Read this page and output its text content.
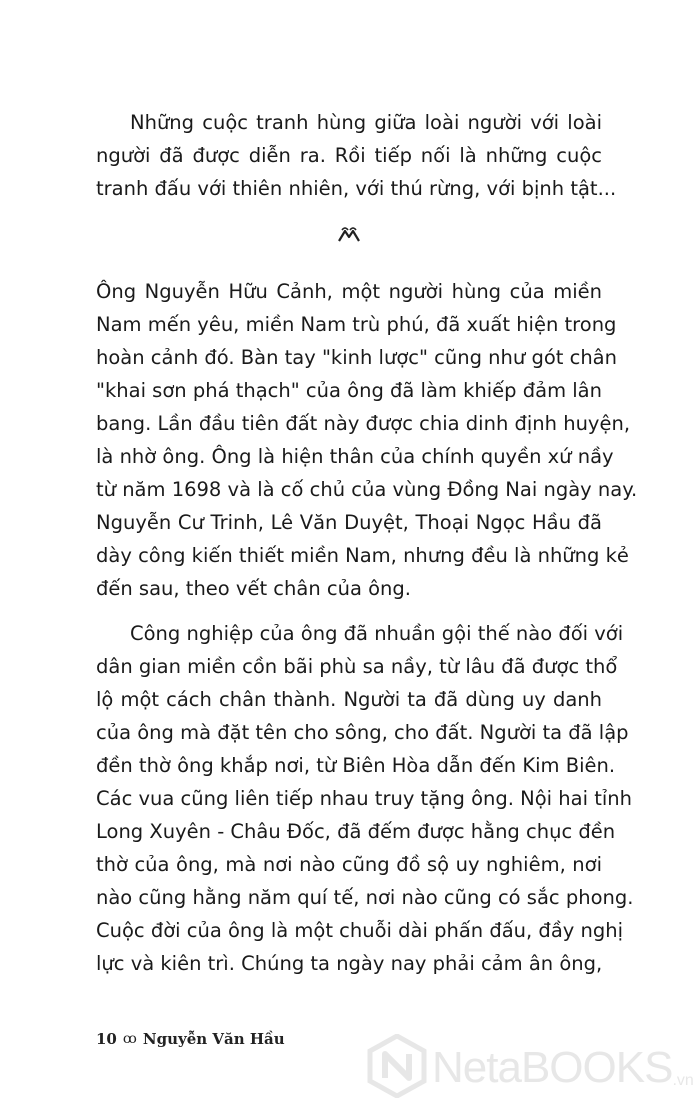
Những cuộc tranh hùng giữa loài người với loài
người đã được diễn ra. Rồi tiếp nối là những cuộc
tranh đấu với thiên nhiên, với thú rừng, với bịnh tật...
Ông Nguyễn Hữu Cảnh, một người hùng của miền
Nam mến yêu, miền Nam trù phú, đã xuất hiện trong
hoàn cảnh đó. Bàn tay "kinh lược" cũng như gót chân
"khai sơn phá thạch" của ông đã làm khiếp đảm lân
bang. Lần đầu tiên đất này được chia dinh định huyện,
là nhờ ông. Ông là hiện thân của chính quyền xứ nầy
từ năm 1698 và là cố chủ của vùng Đồng Nai ngày nay.
Nguyễn Cư Trinh, Lê Văn Duyệt, Thoại Ngọc Hầu đã
dày công kiến thiết miền Nam, nhưng đều là những kẻ
đến sau, theo vết chân của ông.
Công nghiệp của ông đã nhuần gội thế nào đối với
dân gian miền cồn bãi phù sa nầy, từ lâu đã được thổ
lộ một cách chân thành. Người ta đã dùng uy danh
của ông mà đặt tên cho sông, cho đất. Người ta đã lập
đền thờ ông khắp nơi, từ Biên Hòa dẫn đến Kim Biên.
Các vua cũng liên tiếp nhau truy tặng ông. Nội hai tỉnh
Long Xuyên - Châu Đốc, đã đếm được hằng chục đền
thờ của ông, mà nơi nào cũng đồ sộ uy nghiêm, nơi
nào cũng hằng năm quí tế, nơi nào cũng có sắc phong.
Cuộc đời của ông là một chuỗi dài phấn đấu, đầy nghị
lực và kiên trì. Chúng ta ngày nay phải cảm ân ông,
10 ꝏ Nguyễn Văn Hầu
NetaBOOKS .vn
